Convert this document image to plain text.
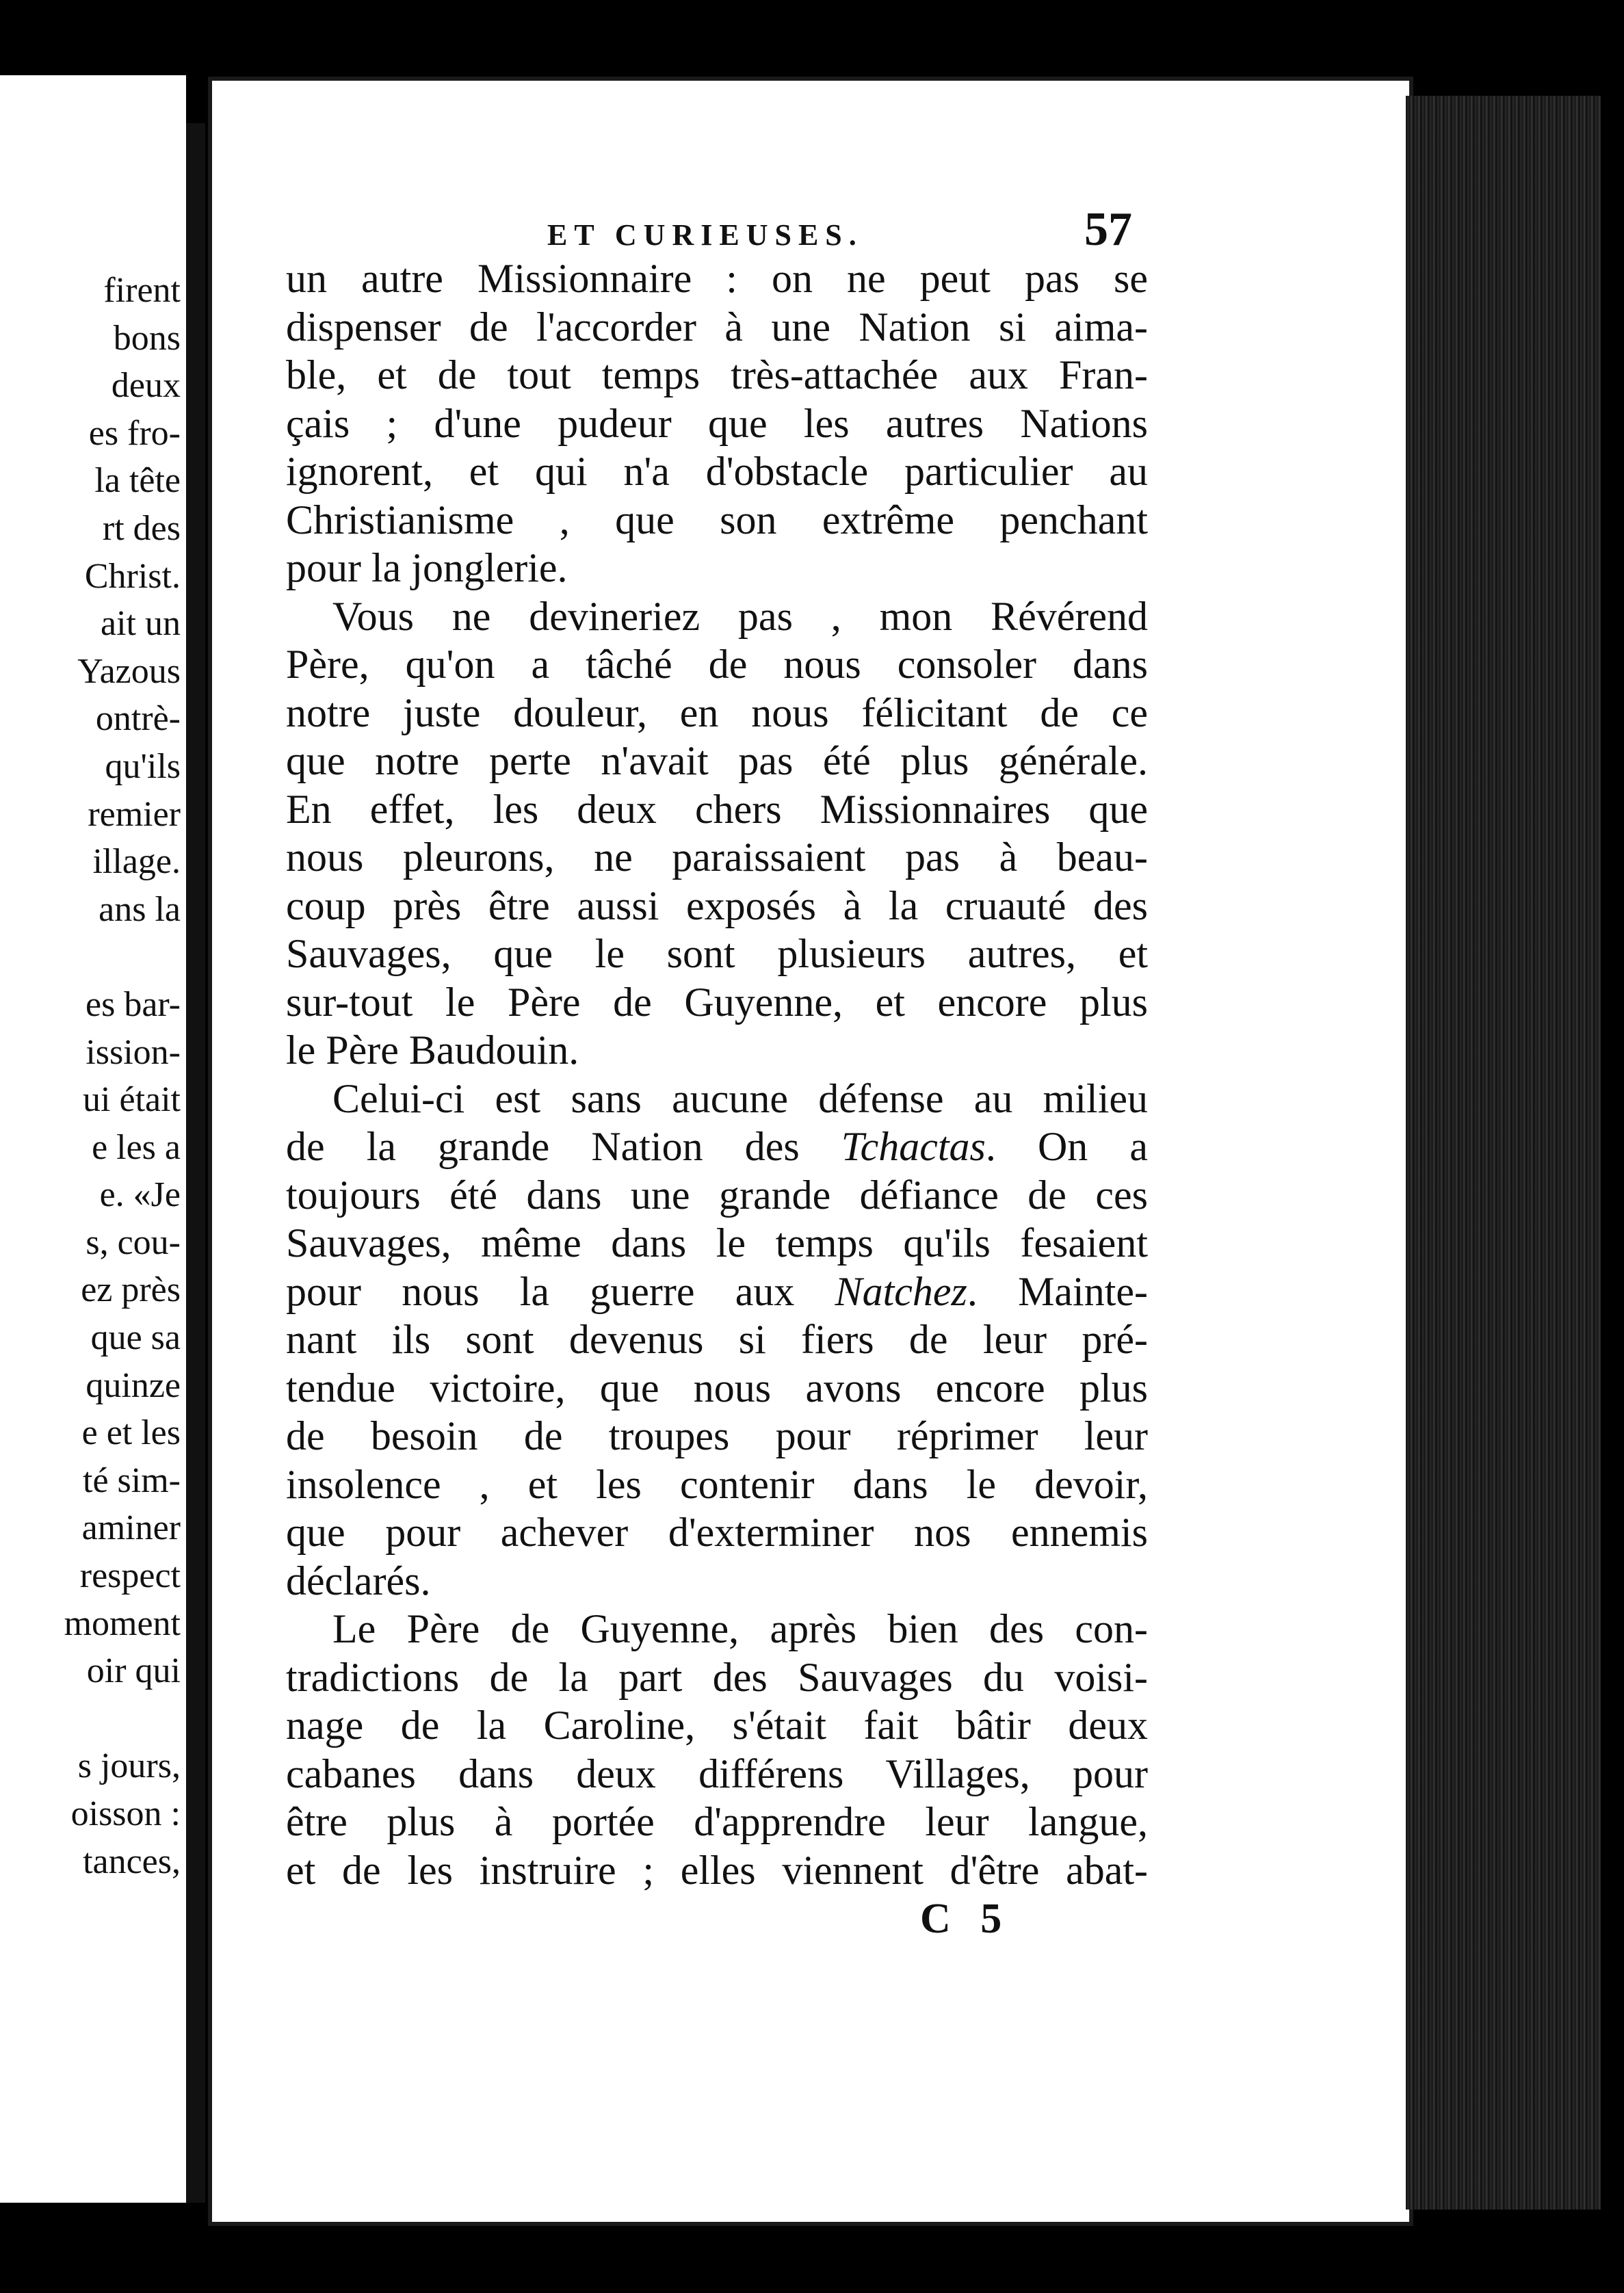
firent
bons
deux
es fro-
la tête
rt des
Christ.
ait un
Yazous
ontrè-
qu'ils
remier
illage.
ans la

es bar-
ission-
ui était
e les a
e. «Je
s, cou-
ez près
que sa
quinze
e et les
té sim-
aminer
respect
moment
oir qui

s jours,
oisson :
tances,
ET CURIEUSES.	57
un autre Missionnaire : on ne peut pas se
dispenser de l'accorder à une Nation si aima-
ble, et de tout temps très-attachée aux Fran-
çais ; d'une pudeur que les autres Nations
ignorent, et qui n'a d'obstacle particulier au
Christianisme , que son extrême penchant
pour la jonglerie.
Vous ne devineriez pas , mon Révérend
Père, qu'on a tâché de nous consoler dans
notre juste douleur, en nous félicitant de ce
que notre perte n'avait pas été plus générale.
En effet, les deux chers Missionnaires que
nous pleurons, ne paraissaient pas à beau-
coup près être aussi exposés à la cruauté des
Sauvages, que le sont plusieurs autres, et
sur-tout le Père de Guyenne, et encore plus
le Père Baudouin.
Celui-ci est sans aucune défense au milieu
de la grande Nation des Tchactas. On a
toujours été dans une grande défiance de ces
Sauvages, même dans le temps qu'ils fesaient
pour nous la guerre aux Natchez. Mainte-
nant ils sont devenus si fiers de leur pré-
tendue victoire, que nous avons encore plus
de besoin de troupes pour réprimer leur
insolence , et les contenir dans le devoir,
que pour achever d'exterminer nos ennemis
déclarés.
Le Père de Guyenne, après bien des con-
tradictions de la part des Sauvages du voisi-
nage de la Caroline, s'était fait bâtir deux
cabanes dans deux différens Villages, pour
être plus à portée d'apprendre leur langue,
et de les instruire ; elles viennent d'être abat-
C 5
